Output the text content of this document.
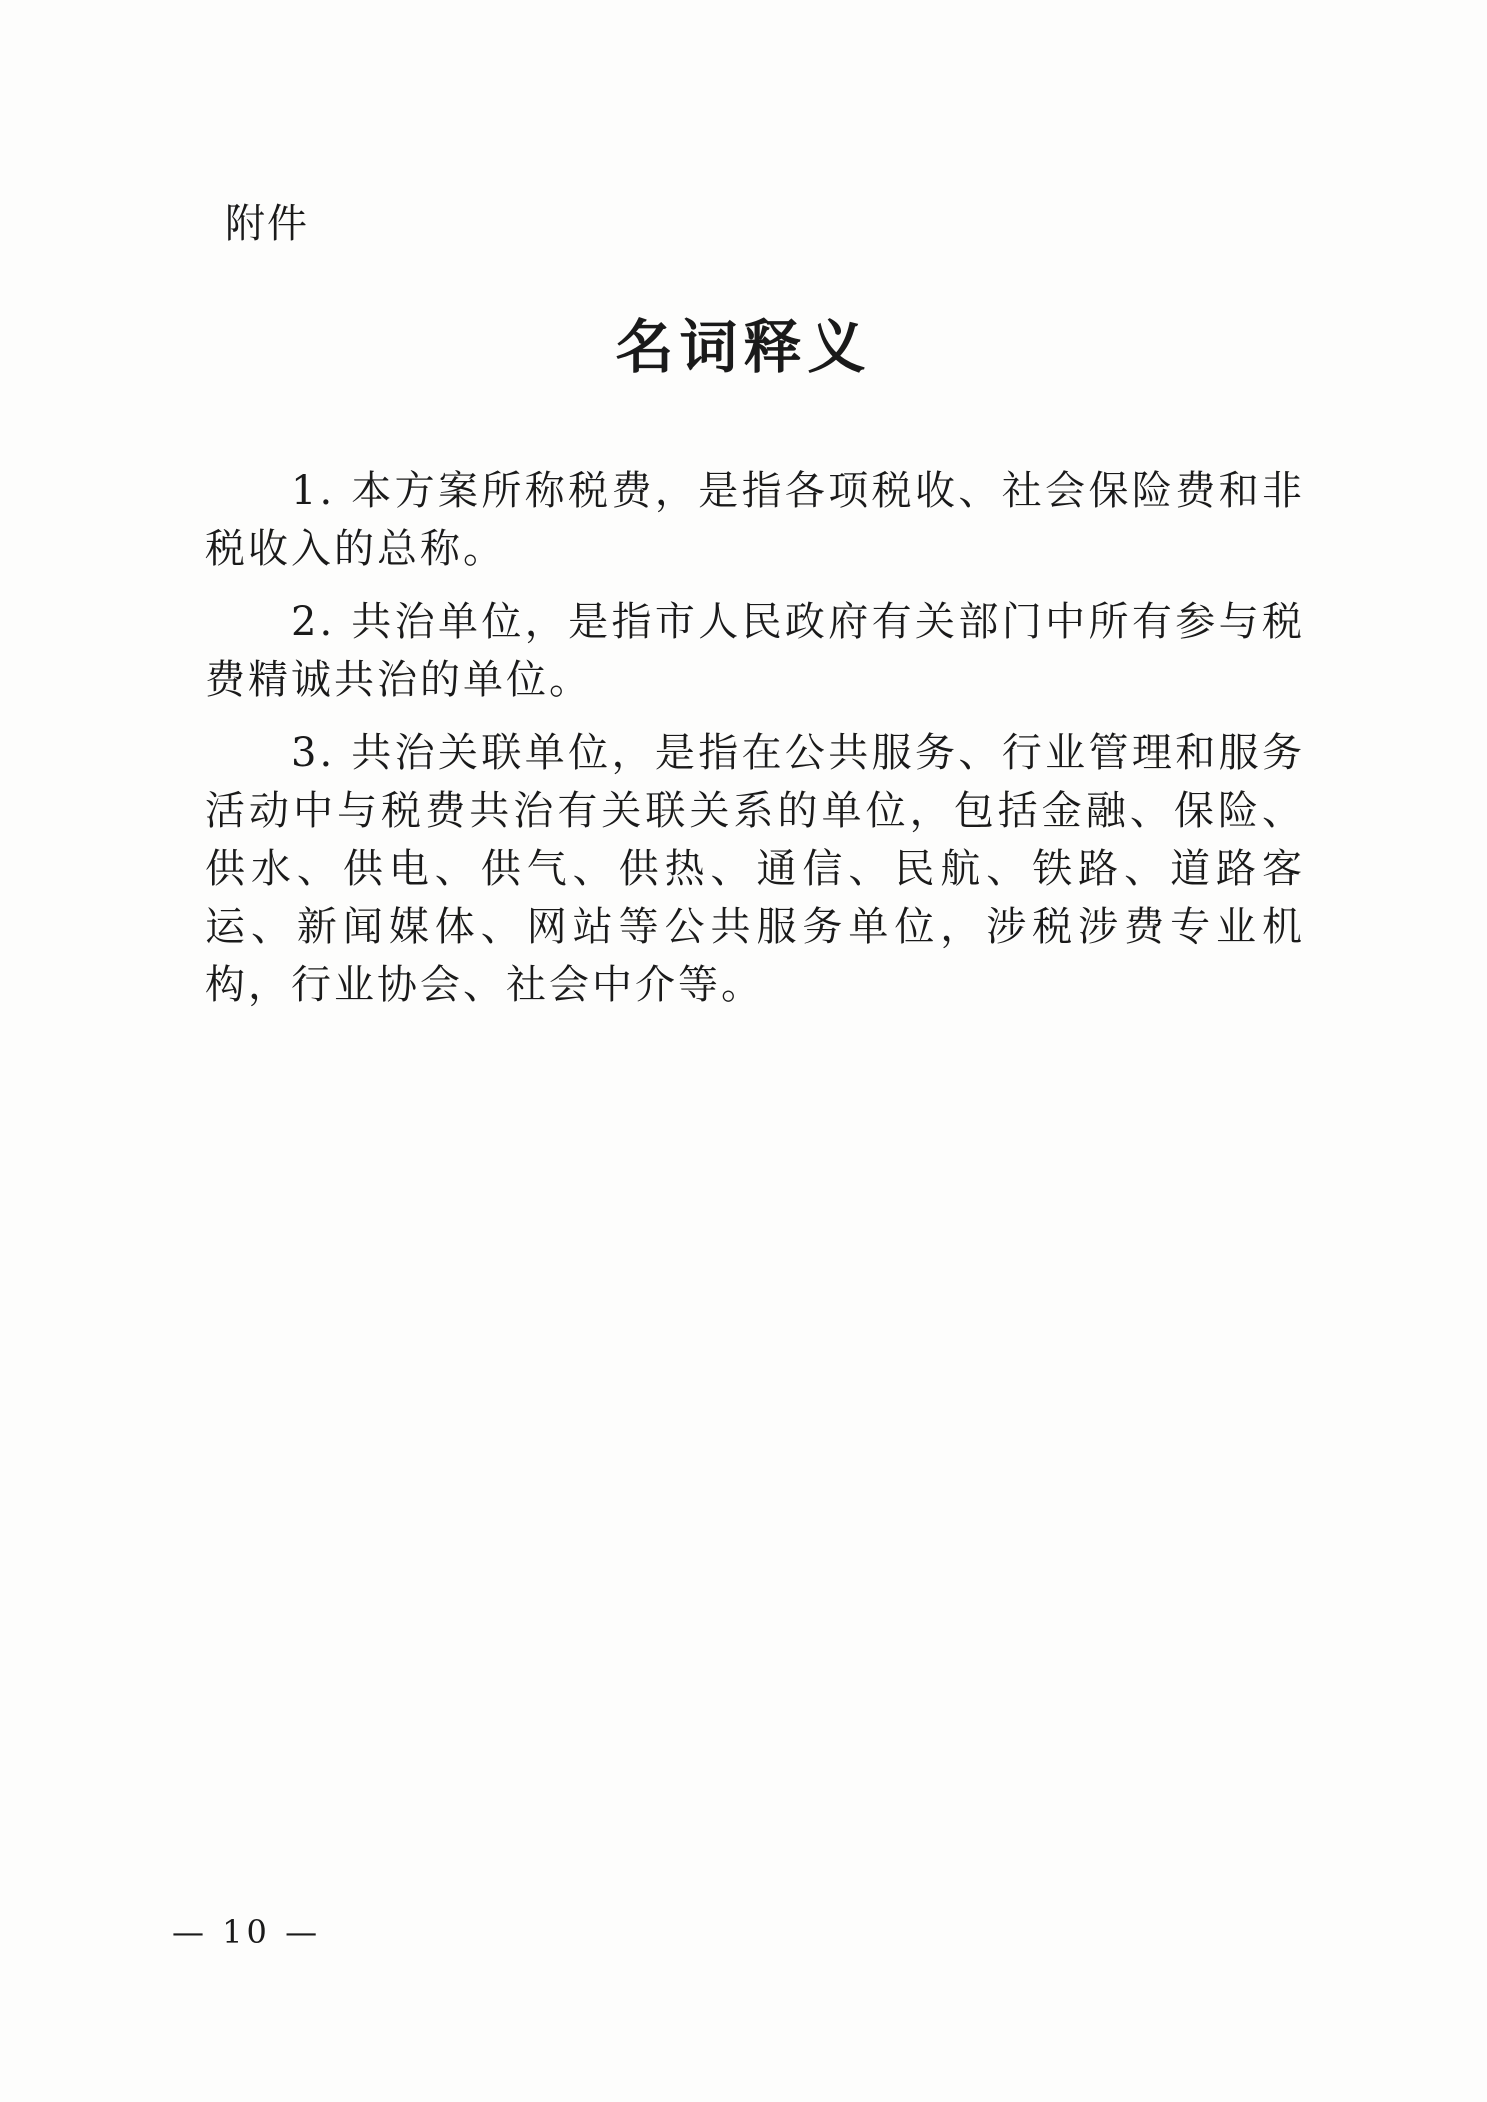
附件
名词释义

1. 本方案所称税费，是指各项税收、社会保险费和非税收入的总称。

2. 共治单位，是指市人民政府有关部门中所有参与税费精诚共治的单位。

3. 共治关联单位，是指在公共服务、行业管理和服务活动中与税费共治有关联关系的单位，包括金融、保险、供水、供电、供气、供热、通信、民航、铁路、道路客运、新闻媒体、网站等公共服务单位，涉税涉费专业机构，行业协会、社会中介等。

— 10 —
